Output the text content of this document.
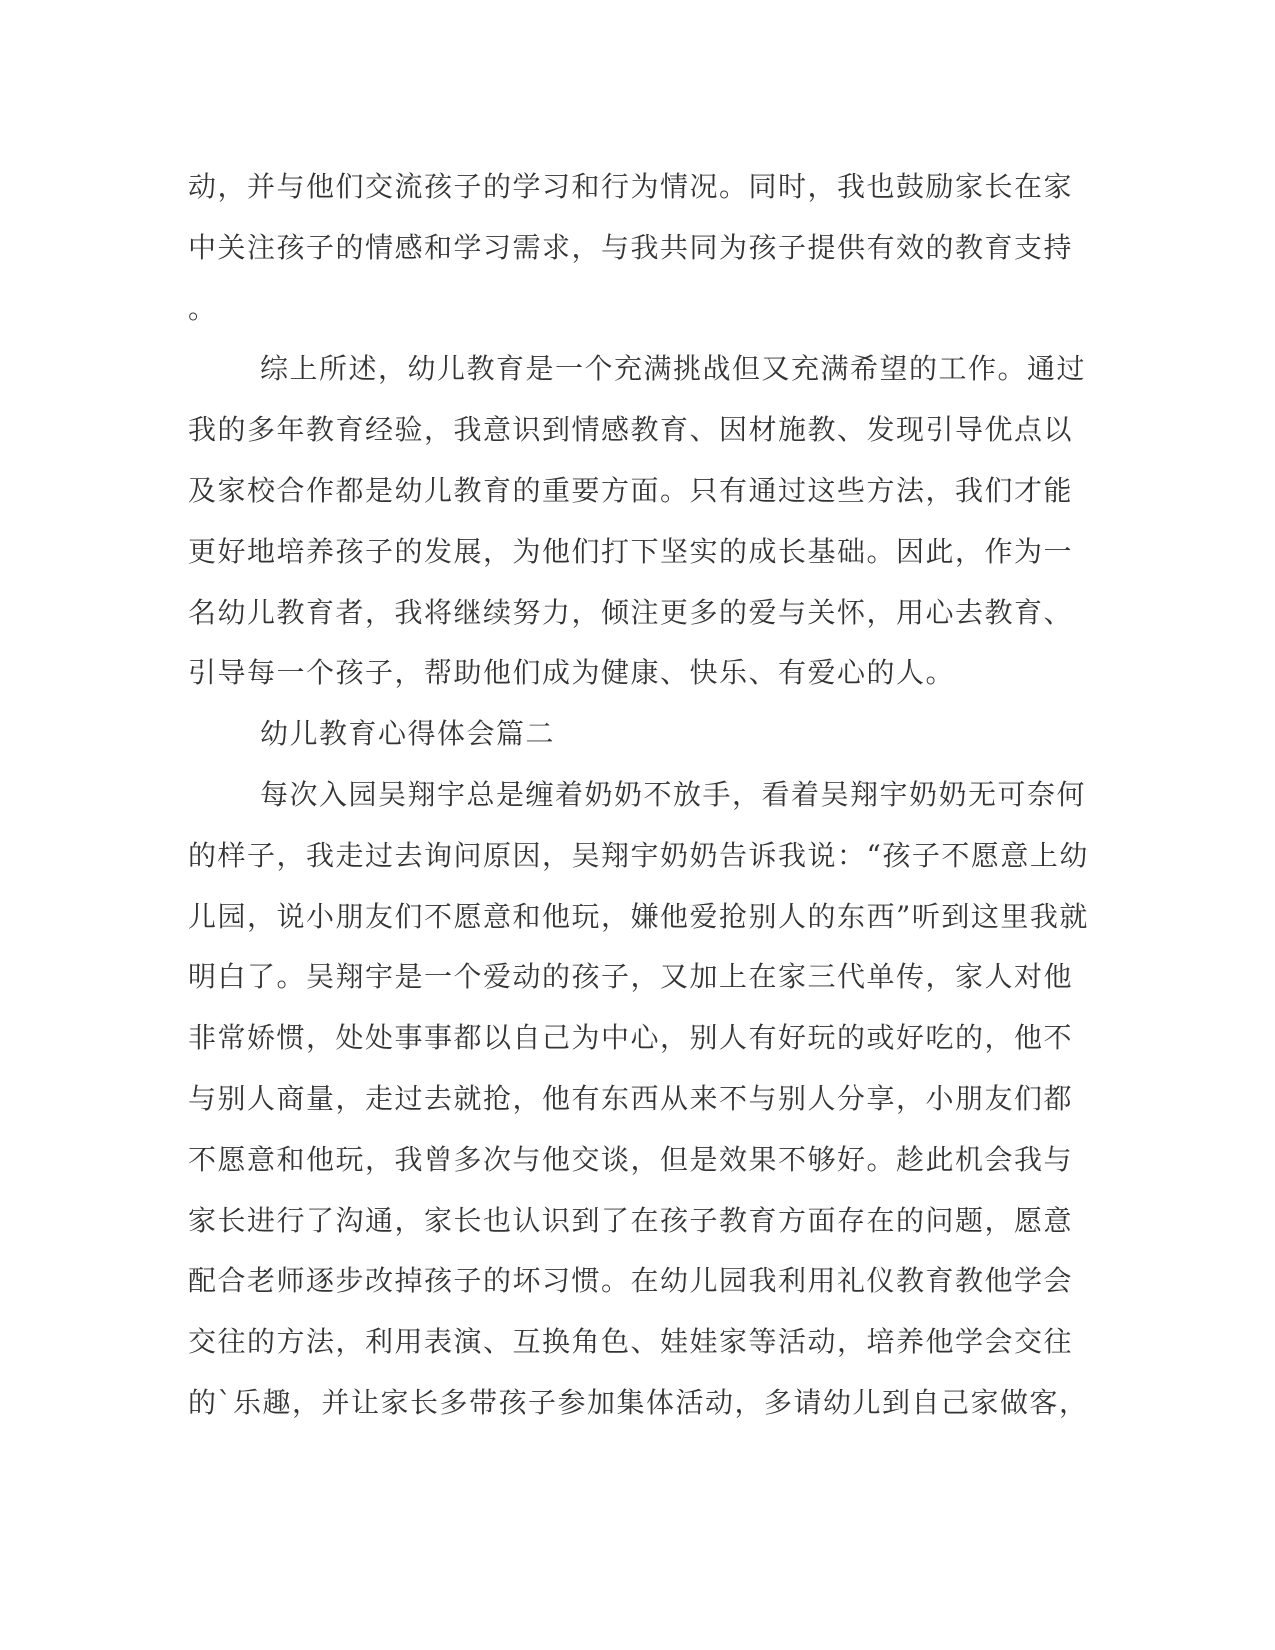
动，并与他们交流孩子的学习和行为情况。同时，我也鼓励家长在家
中关注孩子的情感和学习需求，与我共同为孩子提供有效的教育支持
。
综上所述，幼儿教育是一个充满挑战但又充满希望的工作。通过
我的多年教育经验，我意识到情感教育、因材施教、发现引导优点以
及家校合作都是幼儿教育的重要方面。只有通过这些方法，我们才能
更好地培养孩子的发展，为他们打下坚实的成长基础。因此，作为一
名幼儿教育者，我将继续努力，倾注更多的爱与关怀，用心去教育、
引导每一个孩子，帮助他们成为健康、快乐、有爱心的人。
幼儿教育心得体会篇二
每次入园吴翔宇总是缠着奶奶不放手，看着吴翔宇奶奶无可奈何
的样子，我走过去询问原因，吴翔宇奶奶告诉我说：“孩子不愿意上幼
儿园，说小朋友们不愿意和他玩，嫌他爱抢别人的东西”听到这里我就
明白了。吴翔宇是一个爱动的孩子，又加上在家三代单传，家人对他
非常娇惯，处处事事都以自己为中心，别人有好玩的或好吃的，他不
与别人商量，走过去就抢，他有东西从来不与别人分享，小朋友们都
不愿意和他玩，我曾多次与他交谈，但是效果不够好。趁此机会我与
家长进行了沟通，家长也认识到了在孩子教育方面存在的问题，愿意
配合老师逐步改掉孩子的坏习惯。在幼儿园我利用礼仪教育教他学会
交往的方法，利用表演、互换角色、娃娃家等活动，培养他学会交往
的`乐趣，并让家长多带孩子参加集体活动，多请幼儿到自己家做客，
